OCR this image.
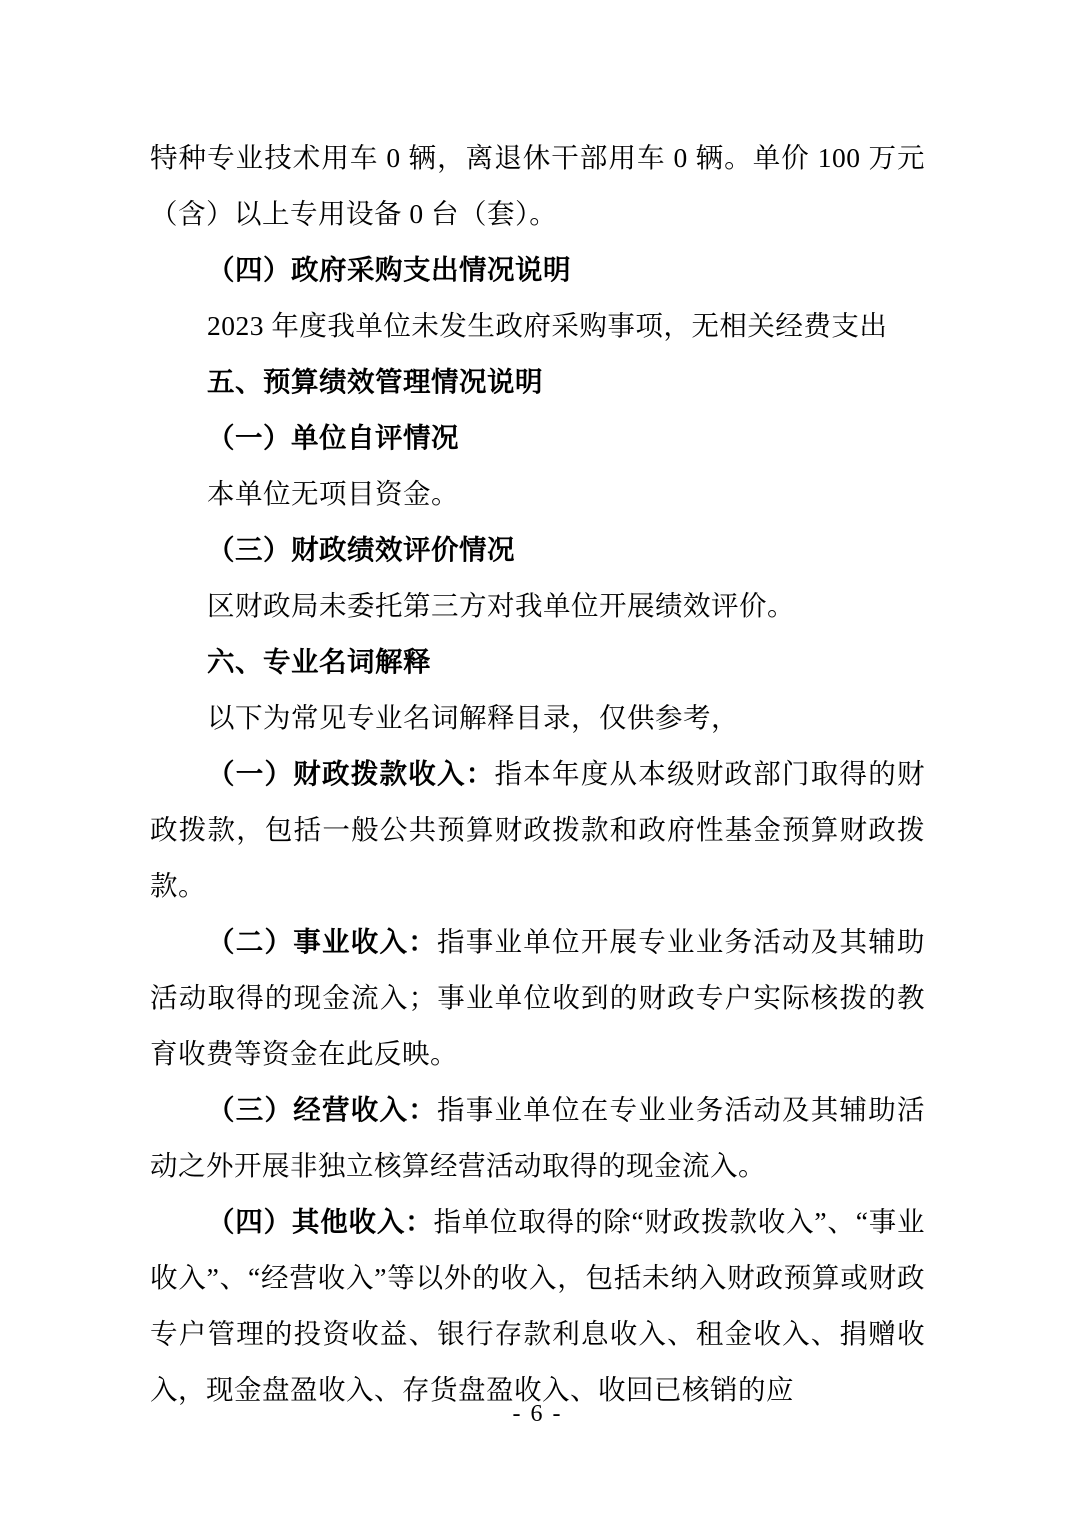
特种专业技术用车 0 辆，离退休干部用车 0 辆。单价 100 万元（含）以上专用设备 0 台（套）。

（四）政府采购支出情况说明

2023 年度我单位未发生政府采购事项，无相关经费支出

五、预算绩效管理情况说明

（一）单位自评情况

本单位无项目资金。

（三）财政绩效评价情况

区财政局未委托第三方对我单位开展绩效评价。

六、专业名词解释

以下为常见专业名词解释目录，仅供参考，

（一）财政拨款收入：指本年度从本级财政部门取得的财政拨款，包括一般公共预算财政拨款和政府性基金预算财政拨款。

（二）事业收入：指事业单位开展专业业务活动及其辅助活动取得的现金流入；事业单位收到的财政专户实际核拨的教育收费等资金在此反映。

（三）经营收入：指事业单位在专业业务活动及其辅助活动之外开展非独立核算经营活动取得的现金流入。

（四）其他收入：指单位取得的除“财政拨款收入”、“事业收入”、“经营收入”等以外的收入，包括未纳入财政预算或财政专户管理的投资收益、银行存款利息收入、租金收入、捐赠收入，现金盘盈收入、存货盘盈收入、收回已核销的应

- 6 -
